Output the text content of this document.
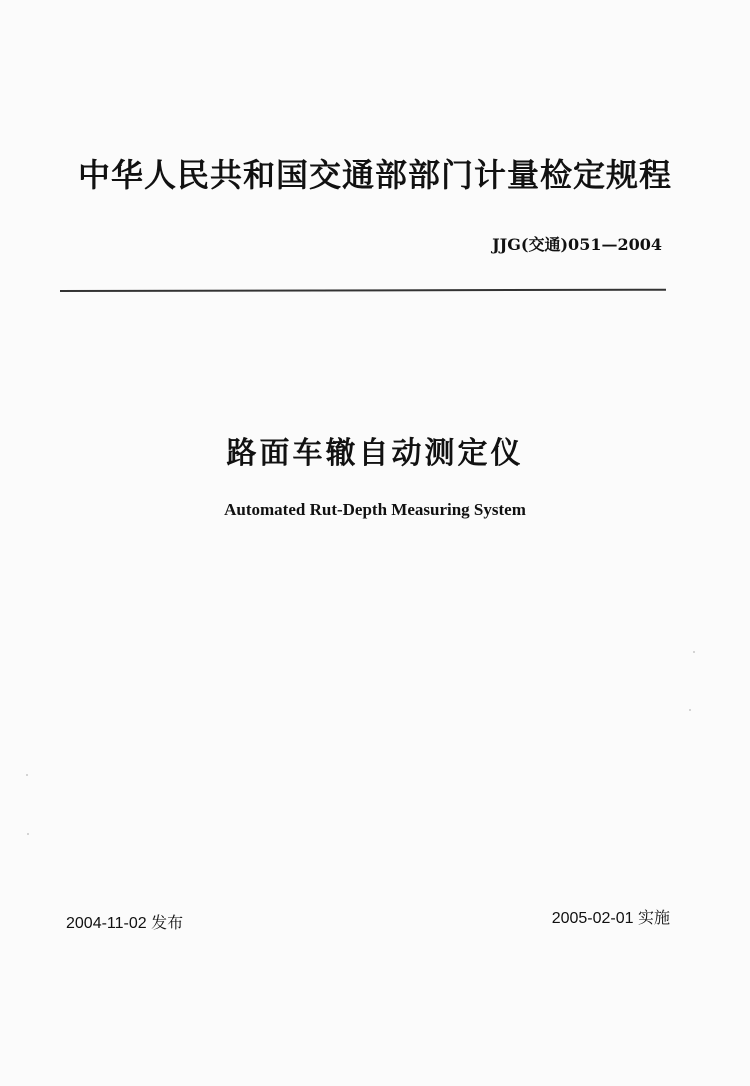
中华人民共和国交通部部门计量检定规程
JJG(交通)051—2004
路面车辙自动测定仪
Automated Rut-Depth Measuring System
2004-11-02 发布	2005-02-01 实施
